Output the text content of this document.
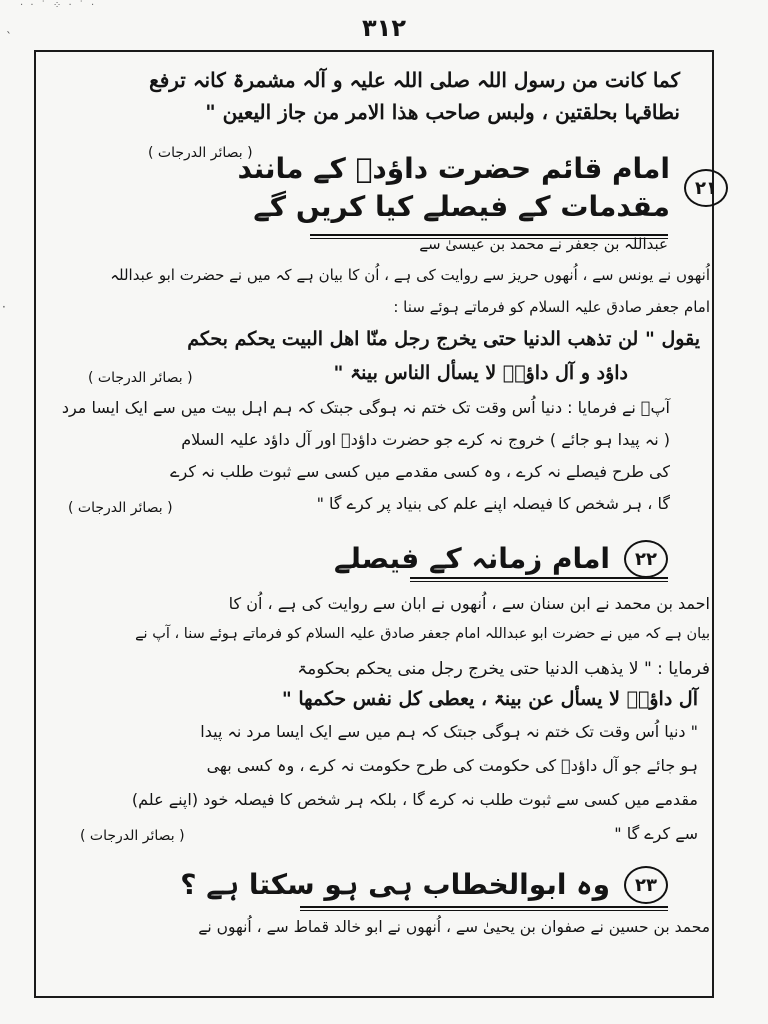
· · ˙ ⁘ · ˙ ·
ˋ
·
۳۱۲
کما کانت من رسول اللہ صلی اللہ علیہ و آلہ مشمرۃ کانہ ترفع
نطاقہا بحلقتین ، ولبس صاحب ھذا الامر من جاز الیعین "
( بصائر الدرجات )
۲۱
امام قائم حضرت داؤدؑ کے مانند
مقدمات کے فیصلے کیا کریں گے
عبداللہ بن جعفر نے محمد بن عیسیٰ سے
اُنھوں نے یونس سے ، اُنھوں حریز سے روایت کی ہے ، اُن کا بیان ہے کہ میں نے حضرت ابو عبداللہ
امام جعفر صادق علیہ السلام کو فرماتے ہوئے سنا :
یقول " لن تذھب الدنیا حتی یخرج رجل منّا اھل البیت یحکم بحکم
داؤد و آل داؤدؑ لا یسأل الناس بینۃ "
( بصائر الدرجات )
آپؑ نے فرمایا : دنیا اُس وقت تک ختم نہ ہوگی جبتک کہ ہم اہل بیت میں سے ایک ایسا مرد
( نہ پیدا ہو جائے ) خروج نہ کرے جو حضرت داؤدؑ اور آل داؤد علیہ السلام
کی طرح فیصلے نہ کرے ، وہ کسی مقدمے میں کسی سے ثبوت طلب نہ کرے
گا ، ہر شخص کا فیصلہ اپنے علم کی بنیاد پر کرے گا "
( بصائر الدرجات )
۲۲
امام زمانہ کے فیصلے
احمد بن محمد نے ابن سنان سے ، اُنھوں نے ابان سے روایت کی ہے ، اُن کا
بیان ہے کہ میں نے حضرت ابو عبداللہ امام جعفر صادق علیہ السلام کو فرماتے ہوئے سنا ، آپ نے
فرمایا : " لا یذھب الدنیا حتی یخرج رجل منی یحکم بحکومۃ
آل داؤدؑ لا یسأل عن بینۃ ، یعطی کل نفس حکمھا "
" دنیا اُس وقت تک ختم نہ ہوگی جبتک کہ ہم میں سے ایک ایسا مرد نہ پیدا
ہو جائے جو آل داؤدؑ کی حکومت کی طرح حکومت نہ کرے ، وہ کسی بھی
مقدمے میں کسی سے ثبوت طلب نہ کرے گا ، بلکہ ہر شخص کا فیصلہ خود (اپنے علم)
سے کرے گا "
( بصائر الدرجات )
۲۳
وہ ابوالخطاب ہی ہو سکتا ہے ؟
محمد بن حسین نے صفوان بن یحییٰ سے ، اُنھوں نے ابو خالد قماط سے ، اُنھوں نے
